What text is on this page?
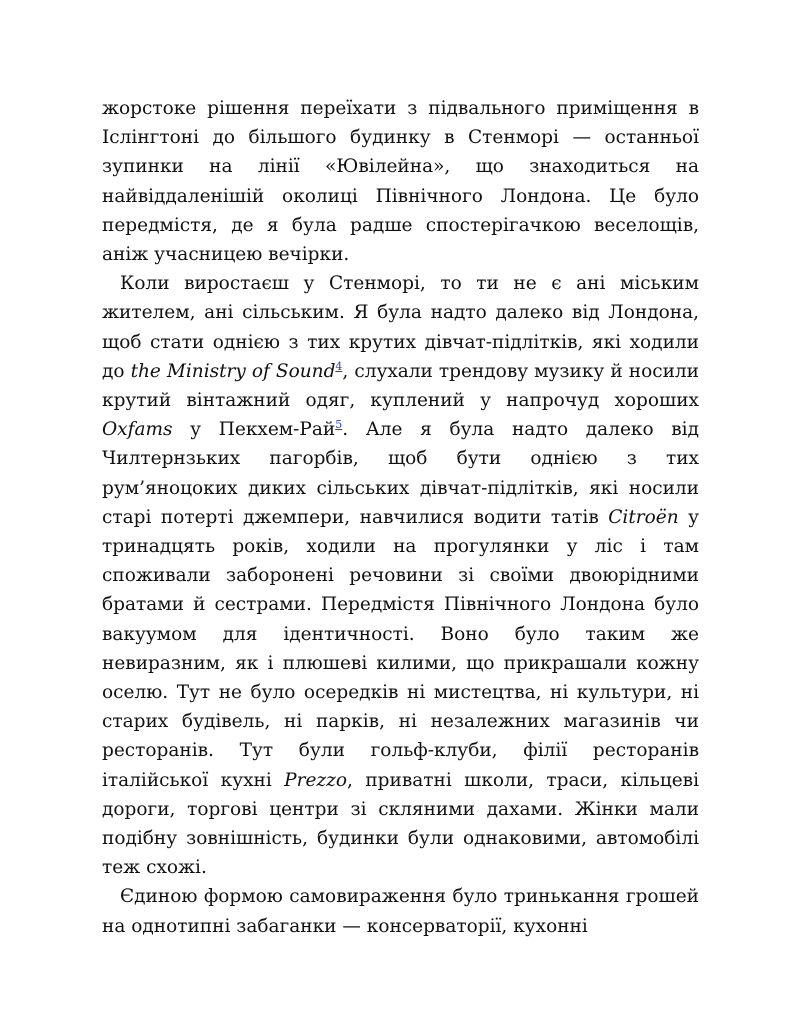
жорстоке рішення переїхати з підвального приміщення в Іслінгтоні до більшого будинку в Стенморі — останньої зупинки на лінії «Ювілейна», що знаходиться на найвіддаленішій околиці Північного Лондона. Це було передмістя, де я була радше спостерігачкою веселощів, аніж учасницею вечірки.

Коли виростаєш у Стенморі, то ти не є ані міським жителем, ані сільським. Я була надто далеко від Лондона, щоб стати однією з тих крутих дівчат-підлітків, які ходили до the Ministry of Sound$^4$, слухали трендову музику й носили крутий вінтажний одяг, куплений у напрочуд хороших Oxfams у Пекхем-Рай$^5$. Але я була надто далеко від Чилтернзьких пагорбів, щоб бути однією з тих рум’яноцоких диких сільських дівчат-підлітків, які носили старі потерті джемпери, навчилися водити татів Citroën у тринадцять років, ходили на прогулянки у ліс і там споживали заборонені речовини зі своїми двоюрідними братами й сестрами. Передмістя Північного Лондона було вакуумом для ідентичності. Воно було таким же невиразним, як і плюшеві килими, що прикрашали кожну оселю. Тут не було осередків ні мистецтва, ні культури, ні старих будівель, ні парків, ні незалежних магазинів чи ресторанів. Тут були гольф-клуби, філії ресторанів італійської кухні Prezzo, приватні школи, траси, кільцеві дороги, торгові центри зі скляними дахами. Жінки мали подібну зовнішність, будинки були однаковими, автомобілі теж схожі.

Єдиною формою самовираження було тринькання грошей на однотипні забаганки — консерваторії, кухонні
